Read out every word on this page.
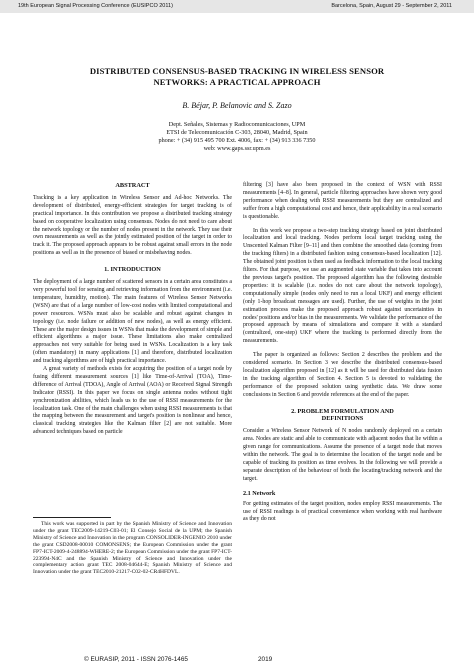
19th European Signal Processing Conference (EUSIPCO 2011)	Barcelona, Spain, August 29 - September 2, 2011
DISTRIBUTED CONSENSUS-BASED TRACKING IN WIRELESS SENSOR
NETWORKS: A PRACTICAL APPROACH
B. Béjar, P. Belanovic and S. Zazo
Dept. Señales, Sistemas y Radiocomunicaciones, UPM
ETSI de Telecomunicación C-303, 28040, Madrid, Spain
phone: + (34) 915 495 700 Ext. 4006, fax: + (34) 913 336 7350
web: www.gaps.ssr.upm.es
ABSTRACT

Tracking is a key application in Wireless Sensor and Ad-hoc Networks. The development of distributed, energy-efficient strategies for target tracking is of practical importance. In this contribution we propose a distributed tracking strategy based on cooperative localization using consensus. Nodes do not need to care about the network topology or the number of nodes present in the network. They use their own measurements as well as the jointly estimated position of the target in order to track it. The proposed approach appears to be robust against small errors in the node positions as well as in the presence of biased or misbehaving nodes.

1. INTRODUCTION

The deployment of a large number of scattered sensors in a certain area constitutes a very powerful tool for sensing and retrieving information from the environment (i.e. temperature, humidity, motion). The main features of Wireless Sensor Networks (WSN) are that of a large number of low-cost nodes with limited computational and power resources. WSNs must also be scalable and robust against changes in topology (i.e. node failure or addition of new nodes), as well as energy efficient. These are the major design issues in WSNs that make the development of simple and efficient algorithms a major issue. These limitations also make centralized approaches not very suitable for being used in WSNs. Localization is a key task (often mandatory) in many applications [1] and therefore, distributed localization and tracking algorithms are of high practical importance.

A great variety of methods exists for acquiring the position of a target node by fusing different measurement sources [1] like Time-of-Arrival (TOA), Time-difference of Arrival (TDOA), Angle of Arrival (AOA) or Received Signal Strength Indicator (RSSI). In this paper we focus on single antenna nodes without tight synchronization abilities, which leads us to the use of RSSI measurements for the localization task. One of the main challenges when using RSSI measurements is that the mapping between the measurement and target's position is nonlinear and hence, classical tracking strategies like the Kalman filter [2] are not suitable. More advanced techniques based on particle

This work was supported in part by the Spanish Ministry of Science and Innovation under the grant TEC2009-14219-C03-01; El Consejo Social de la UPM; the Spanish Ministry of Science and Innovation in the program CONSOLIDER-INGENIO 2010 under the grant CSD2008-00010 COMONSENS; the European Commission under the grant FP7-ICT-2009-4-248894-WHERE-2; the European Commission under the grant FP7-ICT-223994-N4C and the Spanish Ministry of Science and Innovation under the complementary action grant TEC 2008-04644-E; Spanish Ministry of Science and Innovation under the grant TEC2010-21217-C02-02-CR4HFDVL.

filtering [3] have also been proposed in the context of WSN with RSSI measurements [4–8]. In general, particle filtering approaches have shown very good performance when dealing with RSSI measurements but they are centralized and suffer from a high computational cost and hence, their applicability in a real scenario is questionable.

In this work we propose a two-step tracking strategy based on joint distributed localization and local tracking. Nodes perform local target tracking using the Unscented Kalman Filter [9–11] and then combine the smoothed data (coming from the tracking filters) in a distributed fashion using consensus-based localization [12]. The obtained joint position is then used as feedback information to the local tracking filters. For that purpose, we use an augmented state variable that takes into account the previous target's position. The proposed algorithm has the following desirable properties: it is scalable (i.e. nodes do not care about the network topology), computationally simple (nodes only need to run a local UKF) and energy efficient (only 1-hop broadcast messages are used). Further, the use of weights in the joint estimation process make the proposed approach robust against uncertainties in nodes' positions and/or bias in the measurements. We validate the performance of the proposed approach by means of simulations and compare it with a standard (centralized, one-step) UKF where the tracking is performed directly from the measurements.

The paper is organized as follows: Section 2 describes the problem and the considered scenario. In Section 3 we describe the distributed consensus-based localization algorithm proposed in [12] as it will be used for distributed data fusion in the tracking algorithm of Section 4. Section 5 is devoted to validating the performance of the proposed solution using synthetic data. We draw some conclusions in Section 6 and provide references at the end of the paper.

2. PROBLEM FORMULATION AND
DEFINITIONS

Consider a Wireless Sensor Network of N nodes randomly deployed on a certain area. Nodes are static and able to communicate with adjacent nodes that lie within a given range for communications. Assume the presence of a target node that moves within the network. The goal is to determine the location of the target node and be capable of tracking its position as time evolves. In the following we will provide a separate description of the behaviour of both the locating/tracking network and the target.

2.1 Network

For getting estimates of the target position, nodes employ RSSI measurements. The use of RSSI readings is of practical convenience when working with real hardware as they do not

© EURASIP, 2011 - ISSN 2076-1465	2019
